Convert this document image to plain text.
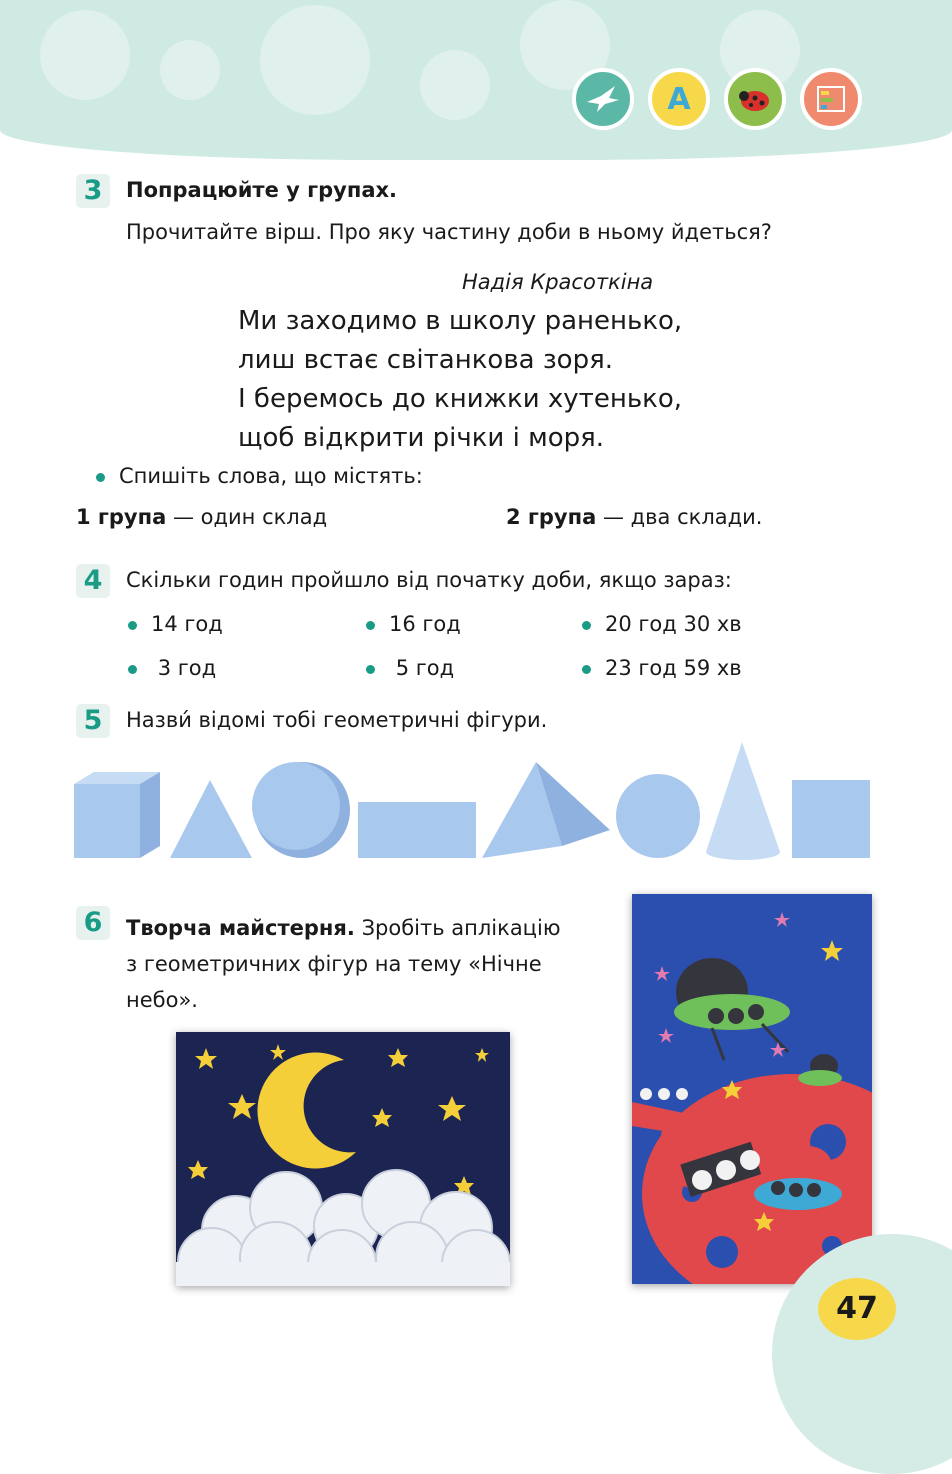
А
3	Попрацюйте у групах.
Прочитайте вірш. Про яку частину доби в ньому йдеться?
Надія Красоткіна
Ми заходимо в школу раненько,
лиш встає світанкова зоря.
І беремось до книжки хутенько,
щоб відкрити річки і моря.
Спишіть слова, що містять:
1 група — один склад	2 група — два склади.
4	Скільки годин пройшло від початку доби, якщо зараз:
14 год	16 год	20 год 30 хв
3 год	5 год	23 год 59 хв
5	Назви́ відомі тобі геометричні фігури.
6	Творча майстерня. Зробіть аплікацію
з геометричних фігур на тему «Нічне
небо».
47
